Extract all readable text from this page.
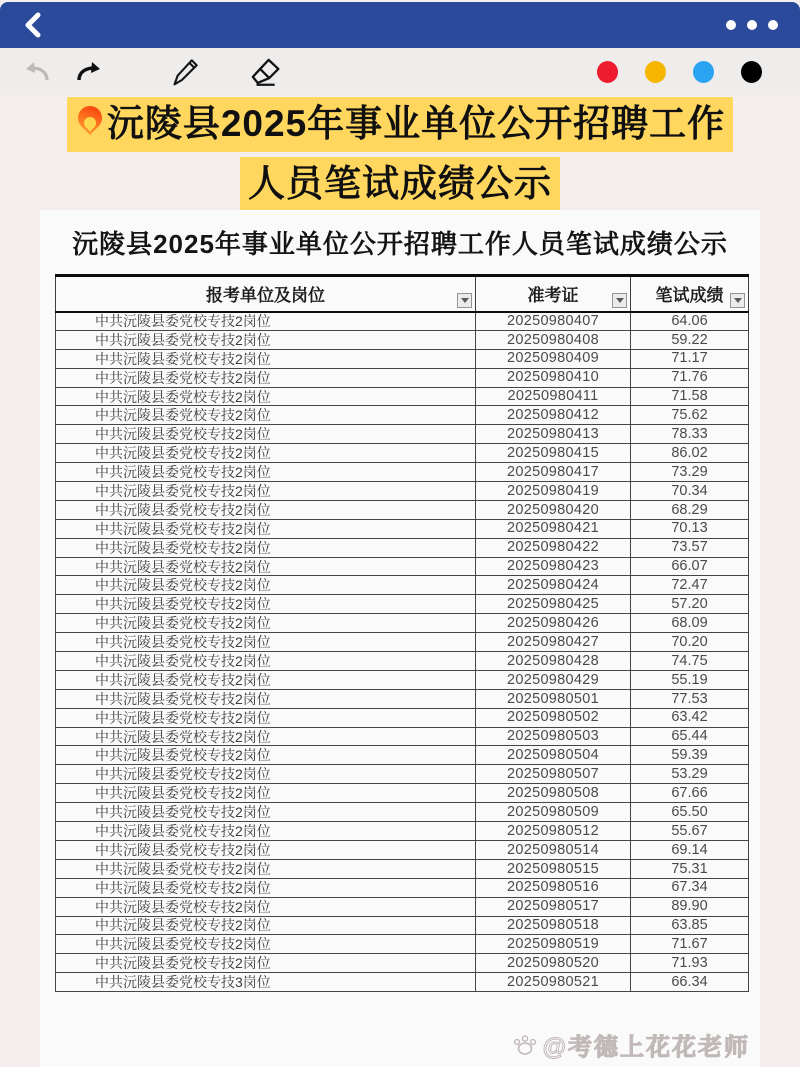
沅陵县2025年事业单位公开招聘工作
人员笔试成绩公示
沅陵县2025年事业单位公开招聘工作人员笔试成绩公示
报考单位及岗位	准考证	笔试成绩

中共沅陵县委党校专技2岗位	20250980407	64.06
中共沅陵县委党校专技2岗位	20250980408	59.22
中共沅陵县委党校专技2岗位	20250980409	71.17
中共沅陵县委党校专技2岗位	20250980410	71.76
中共沅陵县委党校专技2岗位	20250980411	71.58
中共沅陵县委党校专技2岗位	20250980412	75.62
中共沅陵县委党校专技2岗位	20250980413	78.33
中共沅陵县委党校专技2岗位	20250980415	86.02
中共沅陵县委党校专技2岗位	20250980417	73.29
中共沅陵县委党校专技2岗位	20250980419	70.34
中共沅陵县委党校专技2岗位	20250980420	68.29
中共沅陵县委党校专技2岗位	20250980421	70.13
中共沅陵县委党校专技2岗位	20250980422	73.57
中共沅陵县委党校专技2岗位	20250980423	66.07
中共沅陵县委党校专技2岗位	20250980424	72.47
中共沅陵县委党校专技2岗位	20250980425	57.20
中共沅陵县委党校专技2岗位	20250980426	68.09
中共沅陵县委党校专技2岗位	20250980427	70.20
中共沅陵县委党校专技2岗位	20250980428	74.75
中共沅陵县委党校专技2岗位	20250980429	55.19
中共沅陵县委党校专技2岗位	20250980501	77.53
中共沅陵县委党校专技2岗位	20250980502	63.42
中共沅陵县委党校专技2岗位	20250980503	65.44
中共沅陵县委党校专技2岗位	20250980504	59.39
中共沅陵县委党校专技2岗位	20250980507	53.29
中共沅陵县委党校专技2岗位	20250980508	67.66
中共沅陵县委党校专技2岗位	20250980509	65.50
中共沅陵县委党校专技2岗位	20250980512	55.67
中共沅陵县委党校专技2岗位	20250980514	69.14
中共沅陵县委党校专技2岗位	20250980515	75.31
中共沅陵县委党校专技2岗位	20250980516	67.34
中共沅陵县委党校专技2岗位	20250980517	89.90
中共沅陵县委党校专技2岗位	20250980518	63.85
中共沅陵县委党校专技2岗位	20250980519	71.67
中共沅陵县委党校专技2岗位	20250980520	71.93
中共沅陵县委党校专技3岗位	20250980521	66.34
@考德上花花老师
